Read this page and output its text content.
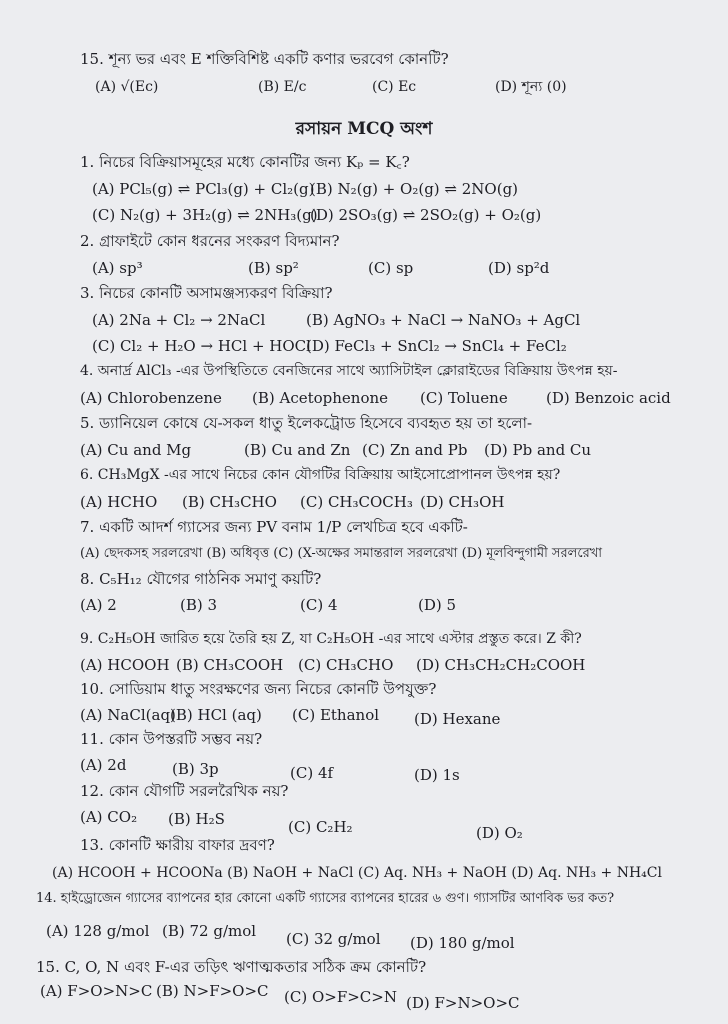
15. শূন্য ভর এবং E শক্তিবিশিষ্ট একটি কণার ভরবেগ কোনটি?
(A) √(Ec)	(B) E/c	(C) Ec	(D) শূন্য (0)
রসায়ন MCQ অংশ
1. নিচের বিক্রিয়াসমূহের মধ্যে কোনটির জন্য Kₚ = K꜀?
(A) PCl₅(g) ⇌ PCl₃(g) + Cl₂(g)
(B) N₂(g) + O₂(g) ⇌ 2NO(g)
(C) N₂(g) + 3H₂(g) ⇌ 2NH₃(g)
(D) 2SO₃(g) ⇌ 2SO₂(g) + O₂(g)
2. গ্রাফাইটে কোন ধরনের সংকরণ বিদ্যমান?
(A) sp³	(B) sp²	(C) sp	(D) sp²d
3. নিচের কোনটি অসামঞ্জস্যকরণ বিক্রিয়া?
(A) 2Na + Cl₂ → 2NaCl	(B) AgNO₃ + NaCl → NaNO₃ + AgCl
(C) Cl₂ + H₂O → HCl + HOCl
(D) FeCl₃ + SnCl₂ → SnCl₄ + FeCl₂
4. অনার্দ্র AlCl₃ -এর উপস্থিতিতে বেনজিনের সাথে অ্যাসিটাইল ক্লোরাইডের বিক্রিয়ায় উৎপন্ন হয়-
(A) Chlorobenzene (B) Acetophenone (C) Toluene	(D) Benzoic acid
5. ড্যানিয়েল কোষে যে-সকল ধাতু ইলেকট্রোড হিসেবে ব্যবহৃত হয় তা হলো-
(A) Cu and Mg	(B) Cu and Zn (C) Zn and Pb (D) Pb and Cu
6. CH₃MgX -এর সাথে নিচের কোন যৌগটির বিক্রিয়ায় আইসোপ্রোপানল উৎপন্ন হয়?
(A) HCHO (B) CH₃CHO (C) CH₃COCH₃ (D) CH₃OH
7. একটি আদর্শ গ্যাসের জন্য PV বনাম 1/P লেখচিত্র হবে একটি-
(A) ছেদকসহ সরলরেখা (B) অধিবৃত্ত (C) (X-অক্ষের সমান্তরাল সরলরেখা (D) মূলবিন্দুগামী সরলরেখা
8. C₅H₁₂ যৌগের গাঠনিক সমাণু কয়টি?
(A) 2	(B) 3	(C) 4	(D) 5
9. C₂H₅OH জারিত হয়ে তৈরি হয় Z, যা C₂H₅OH -এর সাথে এস্টার প্রস্তুত করে। Z কী?
(A) HCOOH (B) CH₃COOH (C) CH₃CHO (D) CH₃CH₂CH₂COOH
10. সোডিয়াম ধাতু সংরক্ষণের জন্য নিচের কোনটি উপযুক্ত?
(A) NaCl(aq)
(B) HCl (aq) (C) Ethanol (D) Hexane
11. কোন উপস্তরটি সম্ভব নয়?
(A) 2d	(B) 3p	(C) 4f	(D) 1s
12. কোন যৌগটি সরলরৈখিক নয়?
(A) CO₂ (B) H₂S	(C) C₂H₂	(D) O₂
13. কোনটি ক্ষারীয় বাফার দ্রবণ?
(A) HCOOH + HCOONa (B) NaOH + NaCl (C) Aq. NH₃ + NaOH (D) Aq. NH₃ + NH₄Cl
14. হাইড্রোজেন গ্যাসের ব্যাপনের হার কোনো একটি গ্যাসের ব্যাপনের হারের ৬ গুণ। গ্যাসটির আণবিক ভর কত?
(A) 128 g/mol (B) 72 g/mol (C) 32 g/mol (D) 180 g/mol
15. C, O, N এবং F-এর তড়িৎ ঋণাত্মকতার সঠিক ক্রম কোনটি?
(A) F>O>N>C (B) N>F>O>C (C) O>F>C>N (D) F>N>O>C
